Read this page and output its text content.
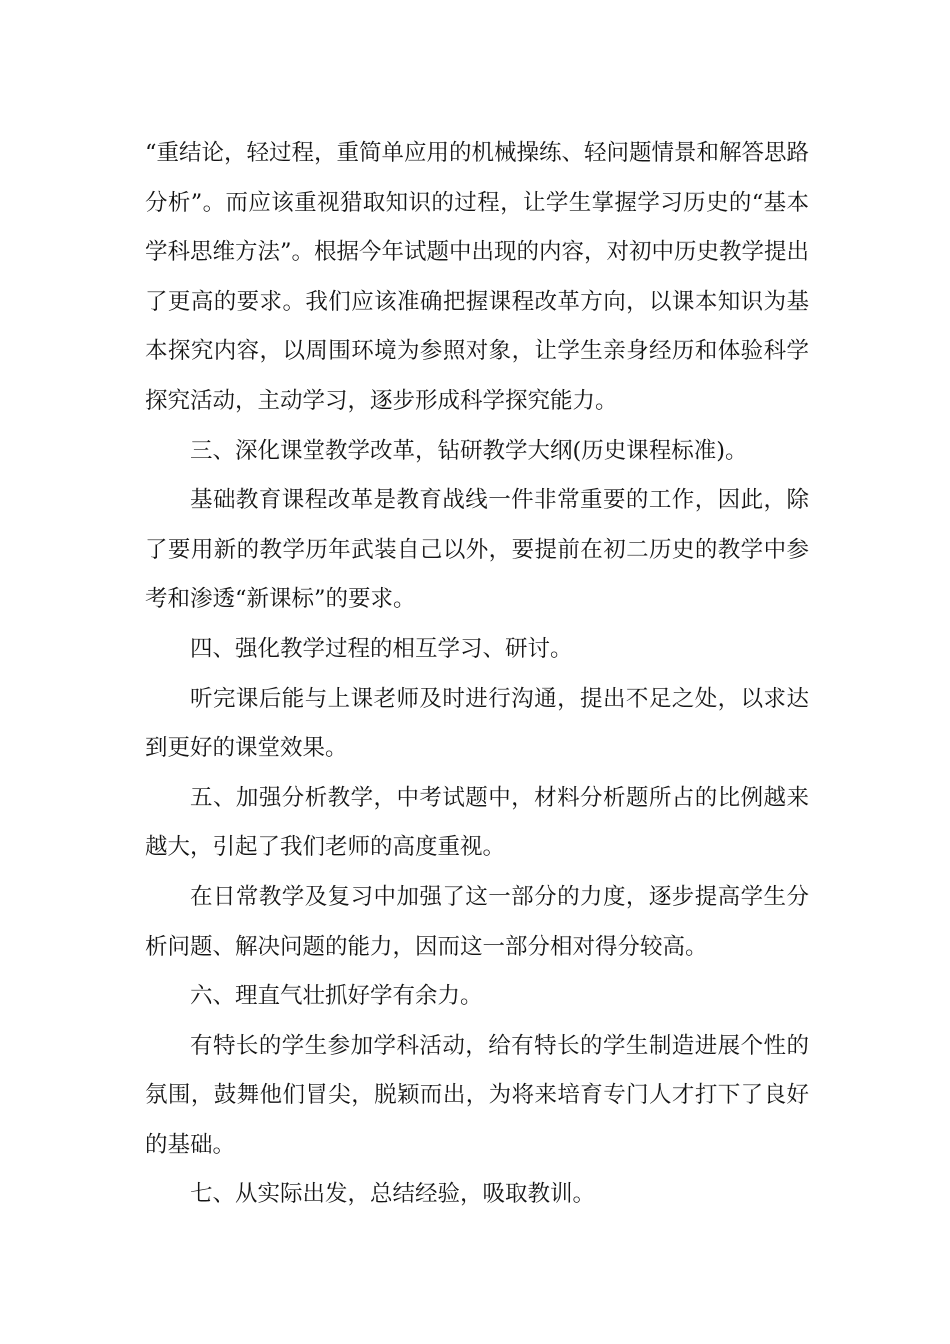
“重结论，轻过程，重简单应用的机械操练、轻问题情景和解答思路分析”。而应该重视猎取知识的过程，让学生掌握学习历史的“基本学科思维方法”。根据今年试题中出现的内容，对初中历史教学提出了更高的要求。我们应该准确把握课程改革方向，以课本知识为基本探究内容，以周围环境为参照对象，让学生亲身经历和体验科学探究活动，主动学习，逐步形成科学探究能力。

三、深化课堂教学改革，钻研教学大纲(历史课程标准)。

基础教育课程改革是教育战线一件非常重要的工作，因此，除了要用新的教学历年武装自己以外，要提前在初二历史的教学中参考和渗透“新课标”的要求。

四、强化教学过程的相互学习、研讨。

听完课后能与上课老师及时进行沟通，提出不足之处，以求达到更好的课堂效果。

五、加强分析教学，中考试题中，材料分析题所占的比例越来越大，引起了我们老师的高度重视。

在日常教学及复习中加强了这一部分的力度，逐步提高学生分析问题、解决问题的能力，因而这一部分相对得分较高。

六、理直气壮抓好学有余力。

有特长的学生参加学科活动，给有特长的学生制造进展个性的氛围，鼓舞他们冒尖，脱颖而出，为将来培育专门人才打下了良好的基础。

七、从实际出发，总结经验，吸取教训。
